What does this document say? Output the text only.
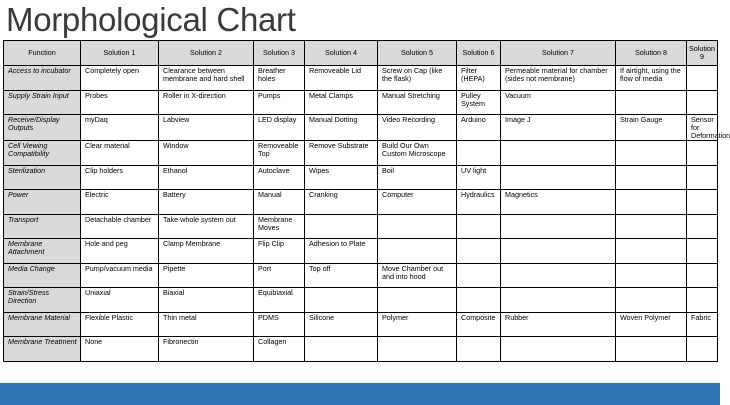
Morphological Chart
Function	Solution 1	Solution 2	Solution 3	Solution 4	Solution 5	Solution 6	Solution 7	Solution 8	Solution 9
Access to incubator	Completely open	Clearance between membrane and hard shell	Breather holes	Removeable Lid	Screw on Cap (like the flask)	Filter (HEPA)	Permeable material for chamber (sides not membrane)	If airtight, using the flow of media	
Supply Strain Input	Probes	Roller in X-direction	Pumps	Metal Clamps	Manual Stretching	Pulley System	Vacuum		
Receive/Display Outputs	myDaq	Labview	LED display	Manual Dotting	Video Recording	Arduino	Image J	Strain Gauge	Sensor for Deformation
Cell Viewing Compatibility	Clear material	Window	Removeable Top	Remove Substrate	Build Our Own Custom Microscope				
Sterilization	Clip holders	Ethanol	Autoclave	Wipes	Boil	UV light			
Power	Electric	Battery	Manual	Cranking	Computer	Hydraulics	Magnetics		
Transport	Detachable chamber	Take whole system out	Membrane Moves						
Membrane Attachment	Hole and peg	Clamp Membrane	Flip Clip	Adhesion to Plate					
Media Change	Pump/vacuum media	Pipette	Port	Top off	Move Chamber out and into hood				
Strain/Stress Direction	Uniaxial	Biaxial	Equibiaxial						
Membrane Material	Flexible Plastic	Thin metal	PDMS	Silicone	Polymer	Composite	Rubber	Woven Polymer	Fabric
Membrane Treatment	None	Fibronectin	Collagen						
